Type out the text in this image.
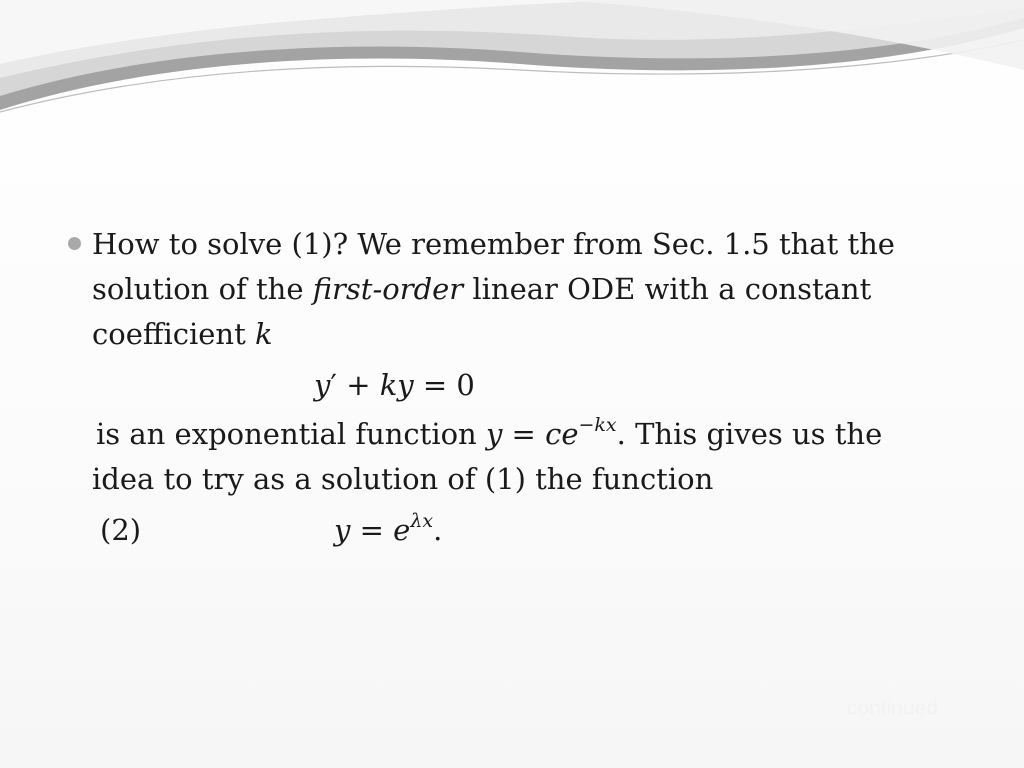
How to solve (1)? We remember from Sec. 1.5 that the
solution of the first-order linear ODE with a constant
coefficient k
y′ + ky = 0
is an exponential function $y = ce^{-kx}$. This gives us the
idea to try as a solution of (1) the function
(2)	$y = e^{\lambda x}$.
continued
